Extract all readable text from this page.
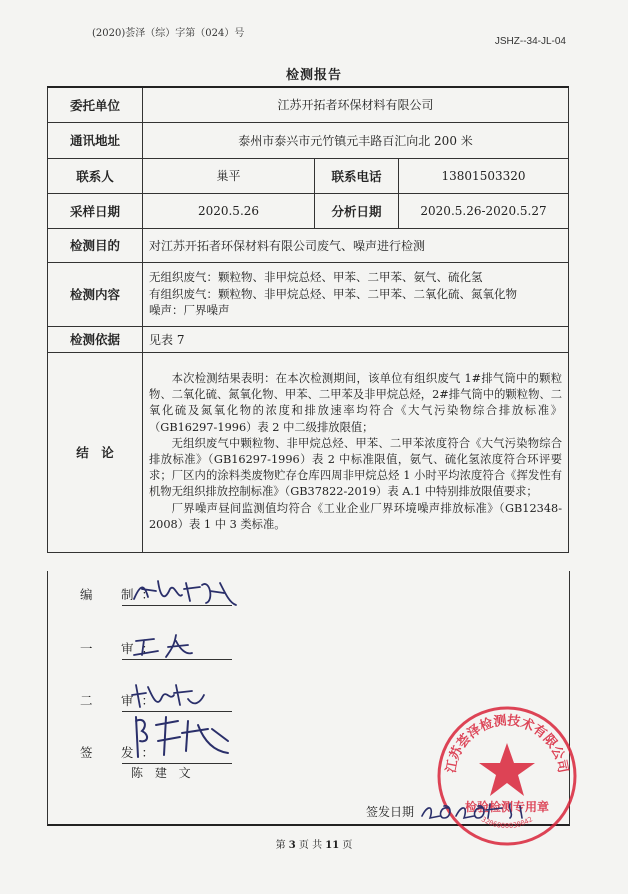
(2020)荟泽（综）字第（024）号
JSHZ--34-JL-04
检测报告
委托单位	江苏开拓者环保材料有限公司		
通讯地址	泰州市泰兴市元竹镇元丰路百汇向北 200 米		
联系人	巢平	联系电话	13801503320
采样日期	2020.5.26	分析日期	2020.5.26-2020.5.27
检测目的	对江苏开拓者环保材料有限公司废气、噪声进行检测		
检测内容	无组织废气：颗粒物、非甲烷总烃、甲苯、二甲苯、氨气、硫化氢
有组织废气：颗粒物、非甲烷总烃、甲苯、二甲苯、二氧化硫、氮氧化物
噪声：厂界噪声		

检测依据	见表 7		
结　论	本次检测结果表明：在本次检测期间，该单位有组织废气 1#排气筒中的颗粒物、二氧化硫、氮氧化物、甲苯、二甲苯及非甲烷总烃，2#排气筒中的颗粒物、二氧化硫及氮氧化物的浓度和排放速率均符合《大气污染物综合排放标准》（GB16297-1996）表 2 中二级排放限值；

无组织废气中颗粒物、非甲烷总烃、甲苯、二甲苯浓度符合《大气污染物综合排放标准》（GB16297-1996）表 2 中标准限值，氨气、硫化氢浓度符合环评要求；厂区内的涂料类废物贮存仓库四周非甲烷总烃 1 小时平均浓度符合《挥发性有机物无组织排放控制标准》（GB37822-2019）表 A.1 中特别排放限值要求；

厂界噪声昼间监测值均符合《工业企业厂界环境噪声排放标准》（GB12348-2008）表 1 中 3 类标准。		

编　制：
一　审：
二　审：
签　发：
陈 建 文	江苏荟泽检测技术有限公司
检验检测专用章
3206000030042
签发日期
第 3 页 共 11 页
